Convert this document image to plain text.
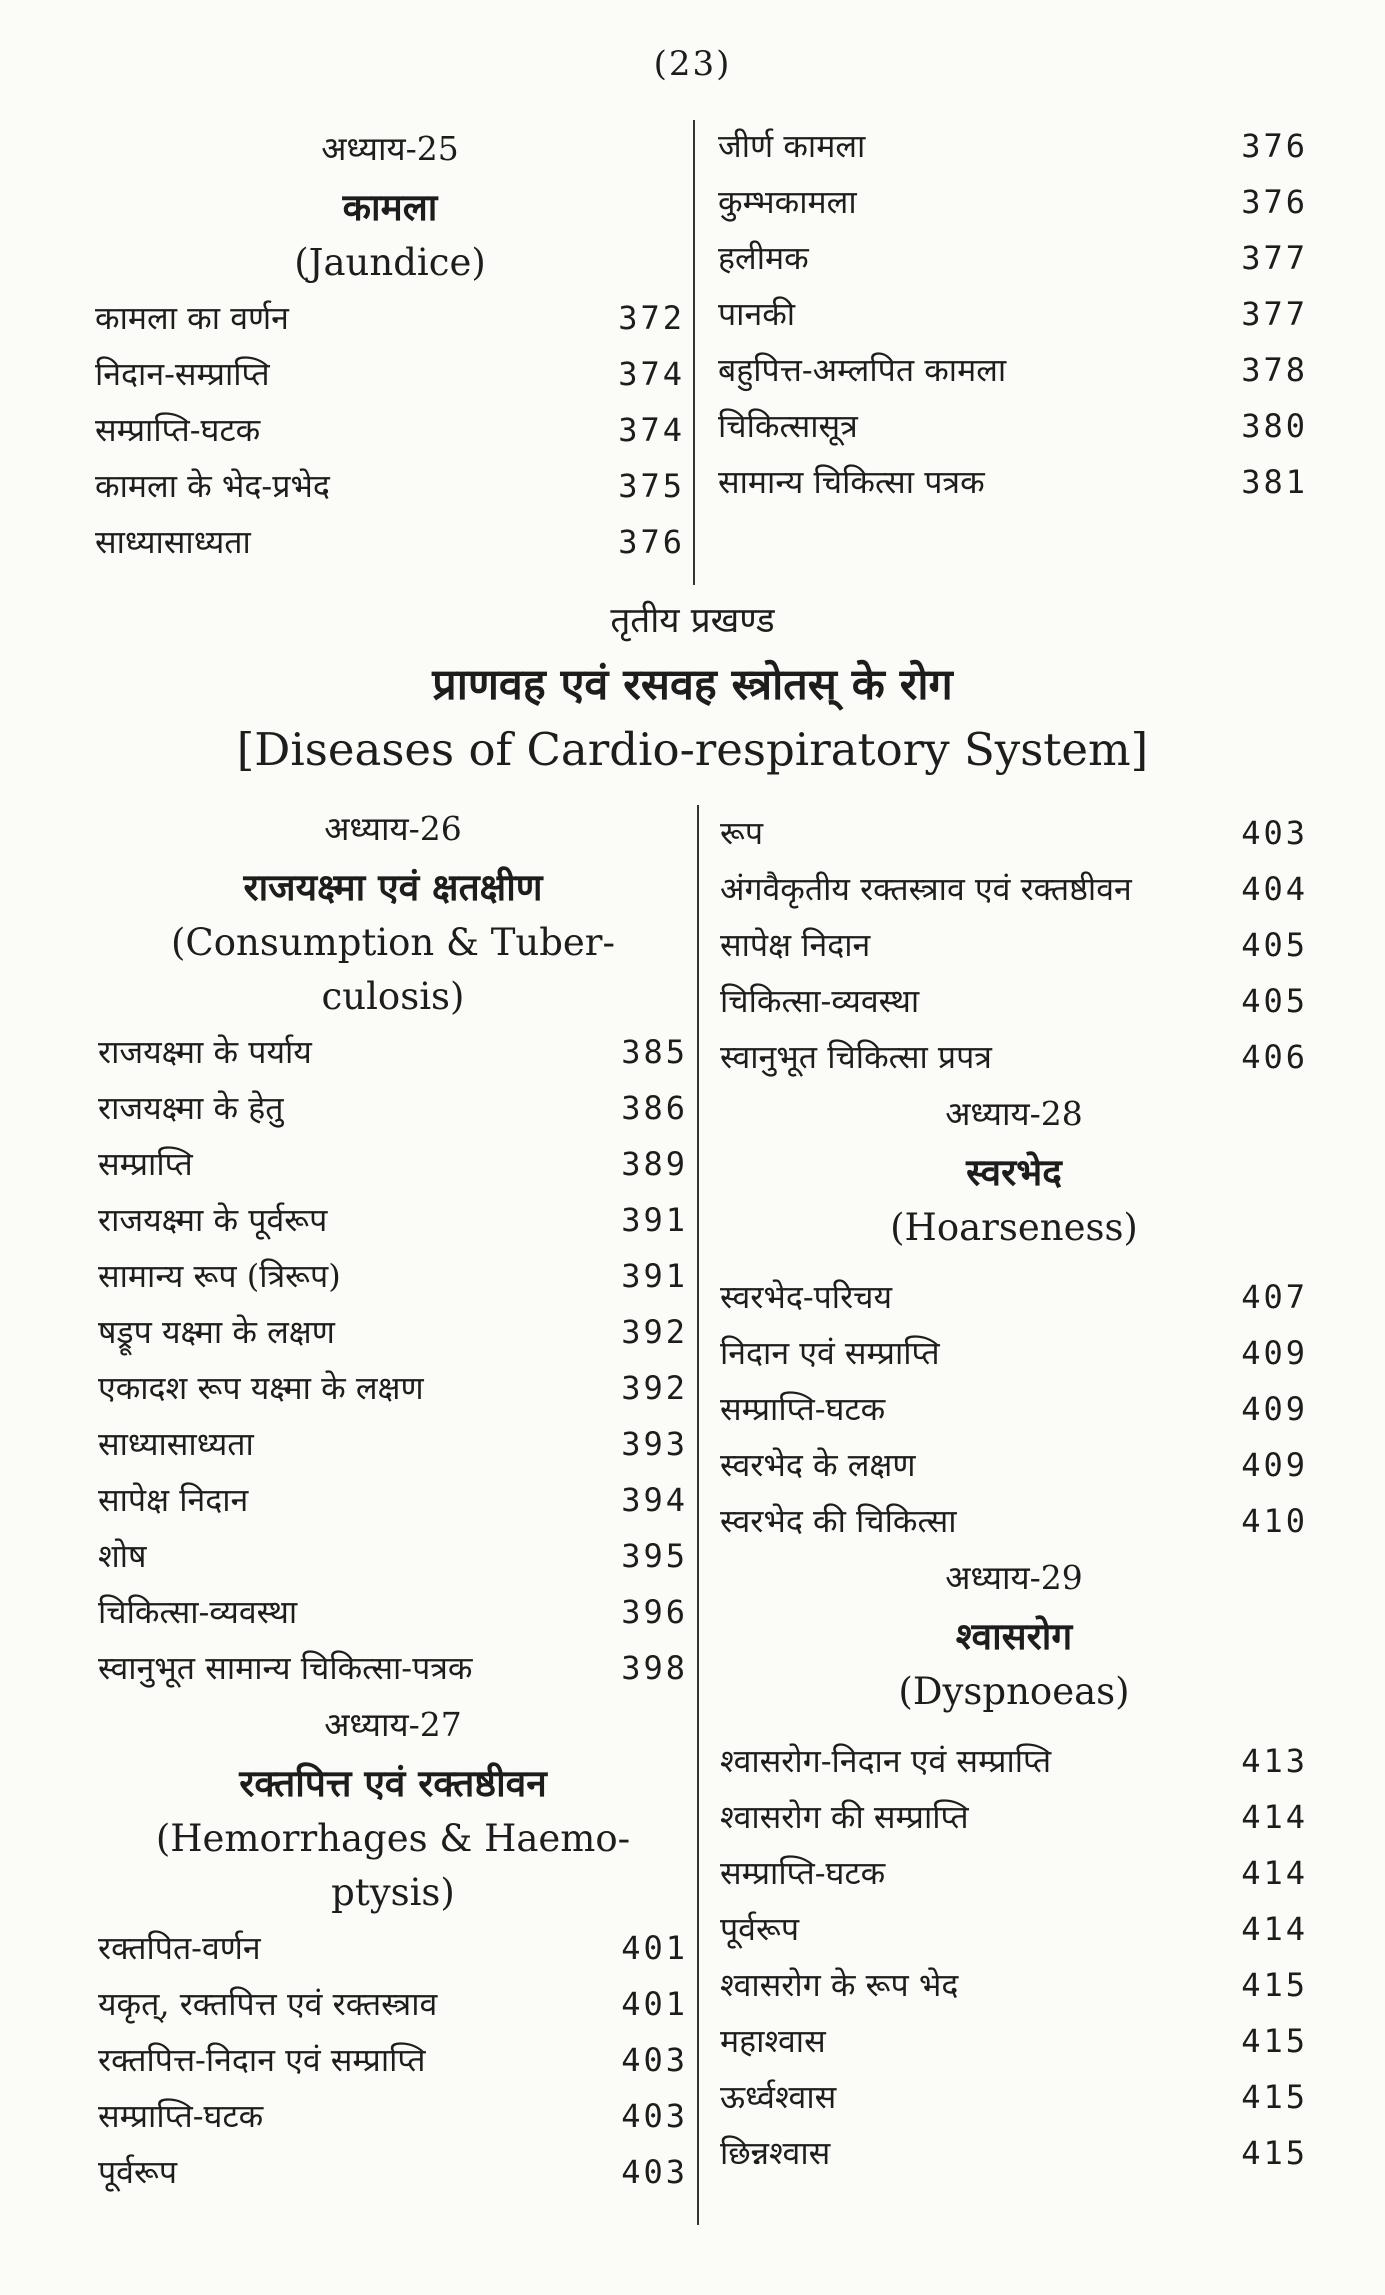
(23)
अध्याय-25
कामला
(Jaundice)
कामला का वर्णन	372
निदान-सम्प्राप्ति	374
सम्प्राप्ति-घटक	374
कामला के भेद-प्रभेद	375
साध्यासाध्यता	376
जीर्ण कामला	376
कुम्भकामला	376
हलीमक	377
पानकी	377
बहुपित्त-अम्लपित कामला	378
चिकित्सासूत्र	380
सामान्य चिकित्सा पत्रक	381
तृतीय प्रखण्ड
प्राणवह एवं रसवह स्त्रोतस् के रोग
[Diseases of Cardio-respiratory System]
अध्याय-26
राजयक्ष्मा एवं क्षतक्षीण
(Consumption & Tuber-
culosis)
राजयक्ष्मा के पर्याय	385
राजयक्ष्मा के हेतु	386
सम्प्राप्ति	389
राजयक्ष्मा के पूर्वरूप	391
सामान्य रूप (त्रिरूप)	391
षड्रूप यक्ष्मा के लक्षण	392
एकादश रूप यक्ष्मा के लक्षण	392
साध्यासाध्यता	393
सापेक्ष निदान	394
शोष	395
चिकित्सा-व्यवस्था	396
स्वानुभूत सामान्य चिकित्सा-पत्रक	398
अध्याय-27
रक्तपित्त एवं रक्तष्ठीवन
(Hemorrhages & Haemo-
ptysis)
रक्तपित-वर्णन	401
यकृत्, रक्तपित्त एवं रक्तस्त्राव	401
रक्तपित्त-निदान एवं सम्प्राप्ति	403
सम्प्राप्ति-घटक	403
पूर्वरूप	403
रूप	403
अंगवैकृतीय रक्तस्त्राव एवं रक्तष्ठीवन	404
सापेक्ष निदान	405
चिकित्सा-व्यवस्था	405
स्वानुभूत चिकित्सा प्रपत्र	406
अध्याय-28
स्वरभेद
(Hoarseness)
स्वरभेद-परिचय	407
निदान एवं सम्प्राप्ति	409
सम्प्राप्ति-घटक	409
स्वरभेद के लक्षण	409
स्वरभेद की चिकित्सा	410
अध्याय-29
श्वासरोग
(Dyspnoeas)
श्वासरोग-निदान एवं सम्प्राप्ति	413
श्वासरोग की सम्प्राप्ति	414
सम्प्राप्ति-घटक	414
पूर्वरूप	414
श्वासरोग के रूप भेद	415
महाश्वास	415
ऊर्ध्वश्वास	415
छिन्नश्वास	415
